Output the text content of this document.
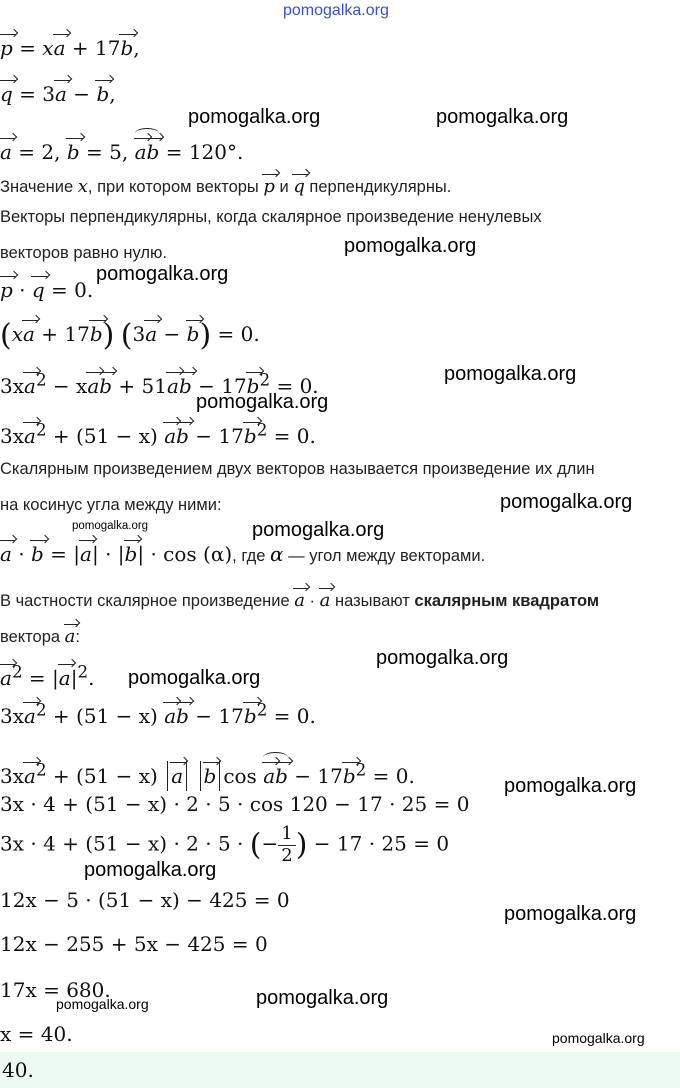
pomogalka.org
p = xa + 17b,
q = 3a − b,
a = 2, b = 5, ab = 120°.
Значение x, при котором векторы p и q перпендикулярны.
Векторы перпендикулярны, когда скалярное произведение ненулевых
векторов равно нулю.
p · q = 0.
(xa + 17b) (3a − b) = 0.
$3xa^2$ − xab + $51ab - 17b^2 = 0$.
$3xa^2 + (51 - x)$ ab − $17b^2 = 0$.
Скалярным произведением двух векторов называется произведение их длин
на косинус угла между ними:
a · b = |a| · |b| · cos (α), где α — угол между векторами.
В частности скалярное произведение a · a называют скалярным квадратом
вектора a:
$a^2 = |a|^2$.
$3xa^2 + (51 - x)$ ab − $17b^2 = 0$.
$3xa^2 + (51 - x)$ a b cos ab − $17b^2 = 0$.
3x · 4 + (51 − x) · 2 · 5 · cos 120 − 17 · 25 = 0
3x · 4 + (51 − x) · 2 · 5 · (− $\frac{1}{2}$ ) − 17 · 25 = 0
12x − 5 · (51 − x) − 425 = 0
12x − 255 + 5x − 425 = 0
17x = 680.
x = 40.
40.
pomogalka.org	pomogalka.org
pomogalka.org
pomogalka.org
pomogalka.org
pomogalka.org
pomogalka.org
pomogalka.org	pomogalka.org
pomogalka.org
pomogalka.org
pomogalka.org
pomogalka.org
pomogalka.org
pomogalka.org
pomogalka.org
pomogalka.org
